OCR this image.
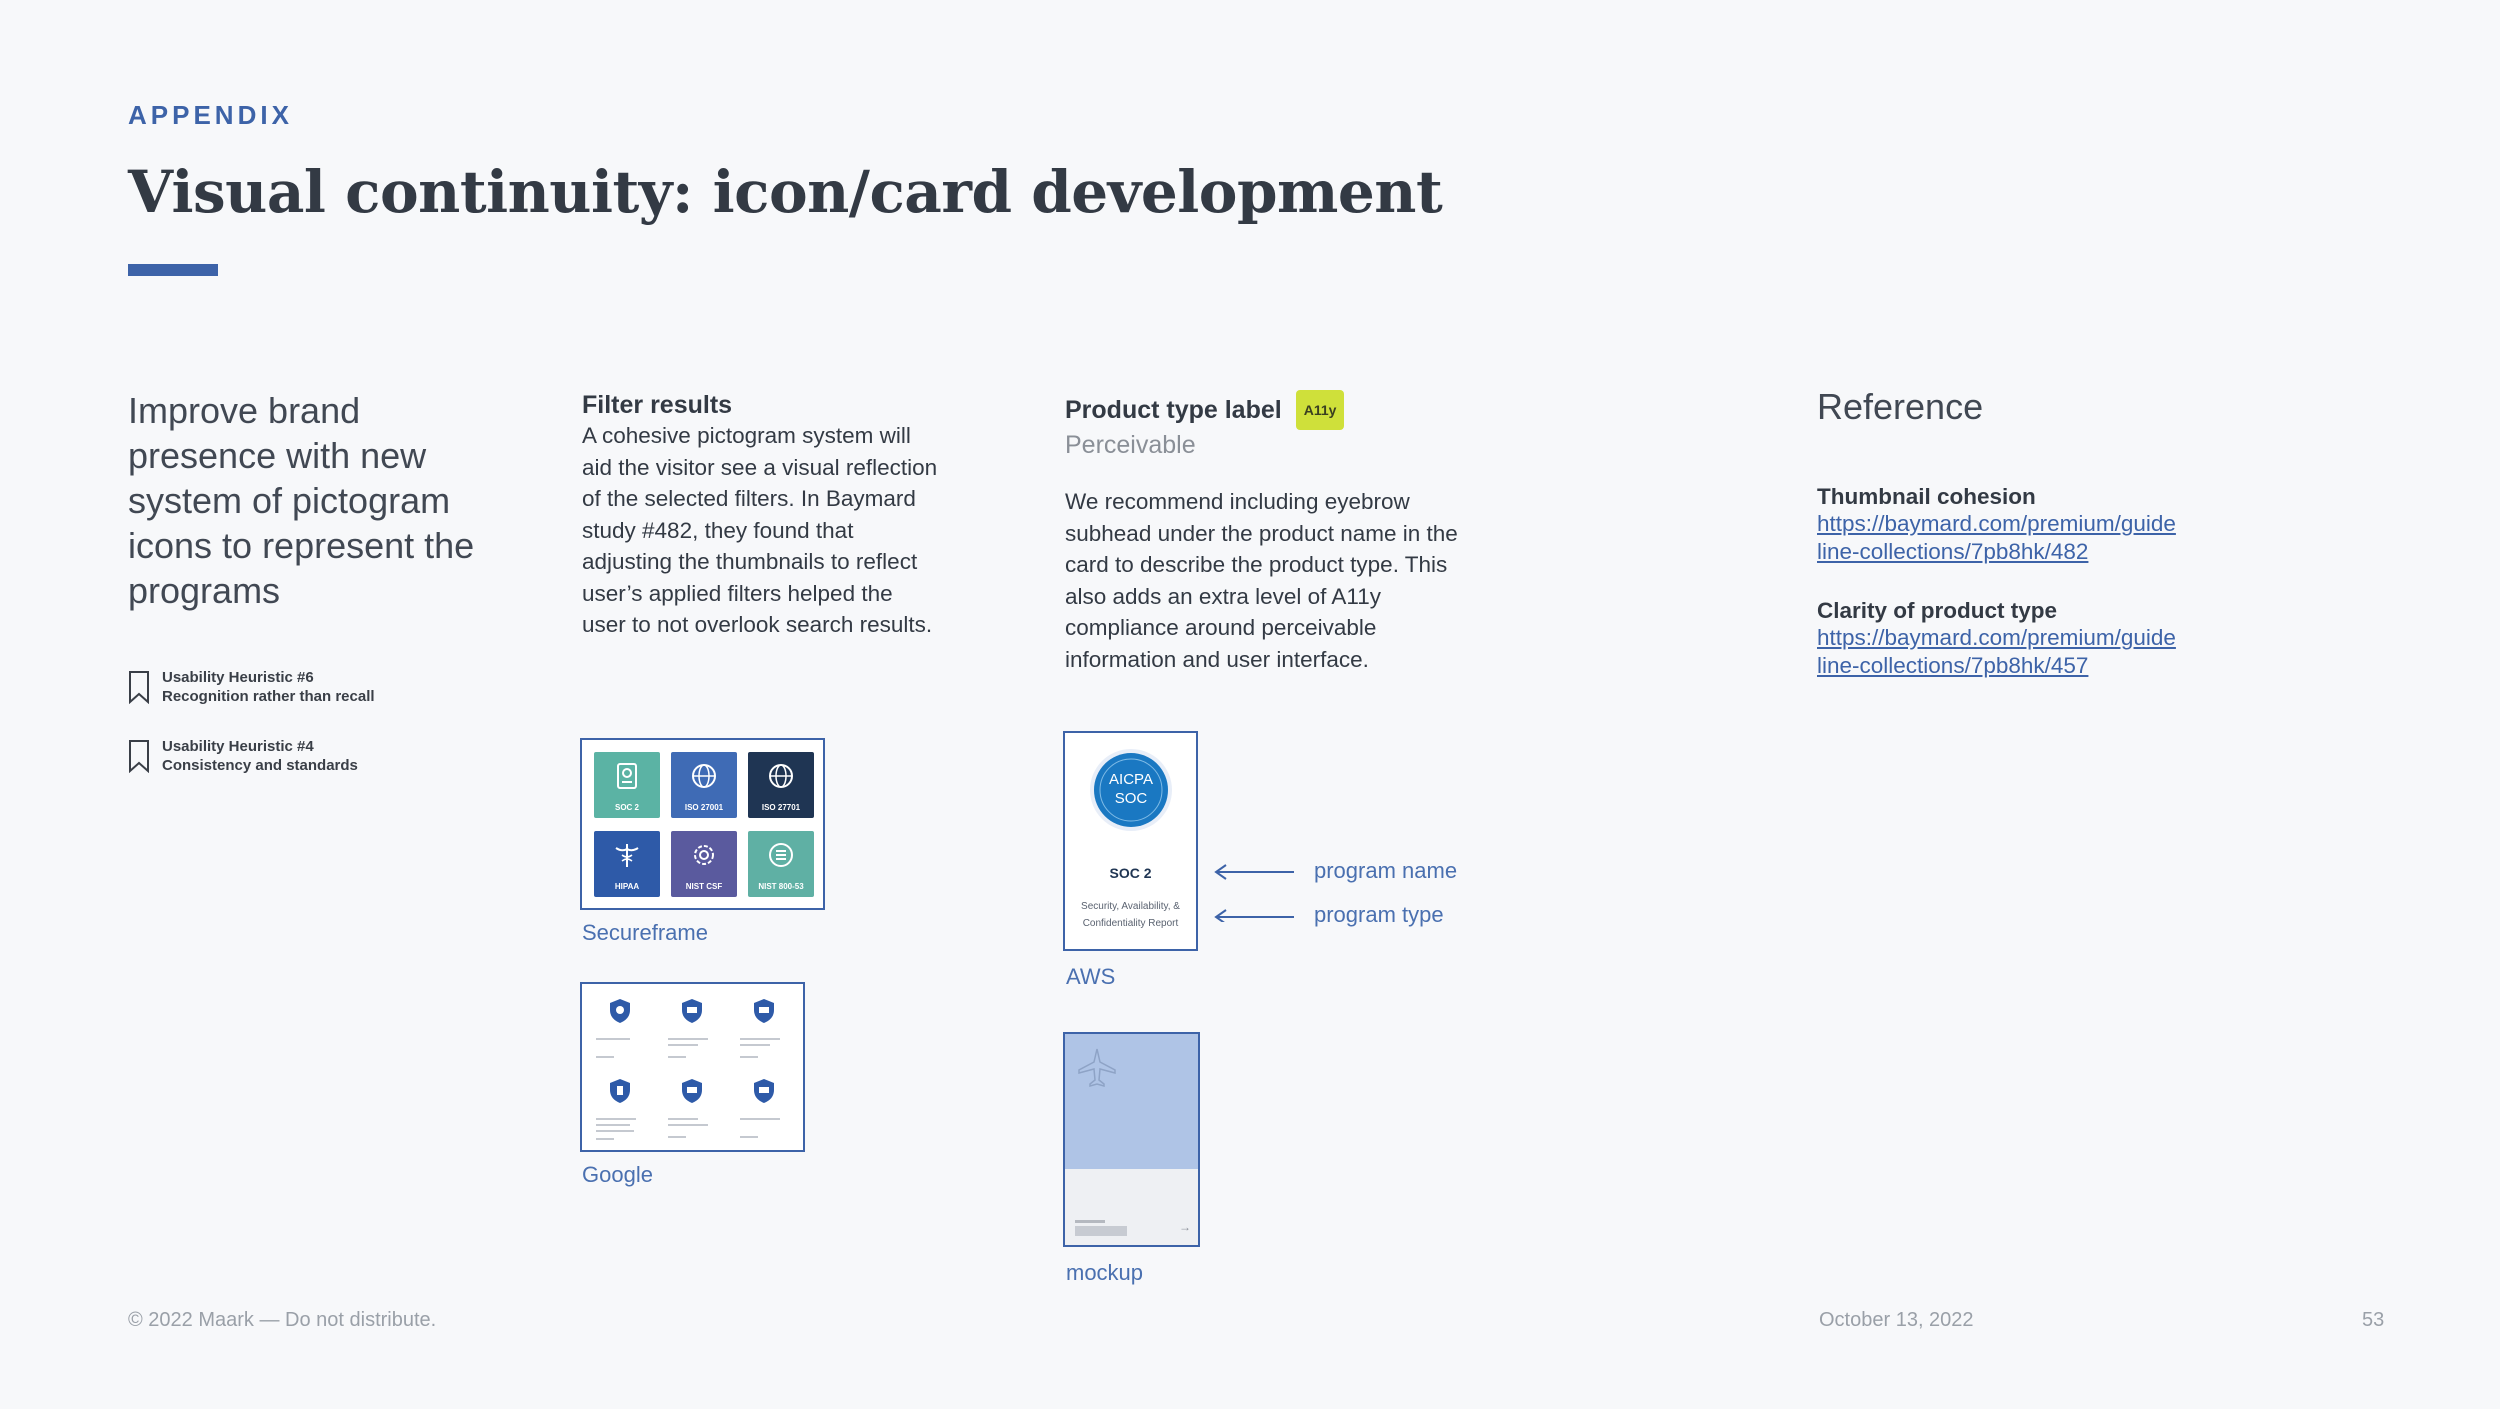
APPENDIX
Visual continuity: icon/card development
Improve brand presence with new system of pictogram icons to represent the programs
Usability Heuristic #6
Recognition rather than recall
Usability Heuristic #4
Consistency and standards
Filter results
A cohesive pictogram system will aid the visitor see a visual reflection of the selected filters. In Baymard study #482, they found that adjusting the thumbnails to reflect user’s applied filters helped the user to not overlook search results.
SOC 2	ISO 27001	ISO 27701
HIPAA	NIST CSF	NIST 800-53
Secureframe
Google
Product type label A11y
Perceivable
We recommend including eyebrow subhead under the product name in the card to describe the product type. This also adds an extra level of A11y compliance around perceivable information and user interface.
AICPA
SOC
SOC 2
Security, Availability, & Confidentiality Report
AWS
program name
program type
→
mockup
Reference
Thumbnail cohesion
https://baymard.com/premium/guideline-collections/7pb8hk/482
Clarity of product type
https://baymard.com/premium/guideline-collections/7pb8hk/457
© 2022 Maark — Do not distribute.	October 13, 2022	53
